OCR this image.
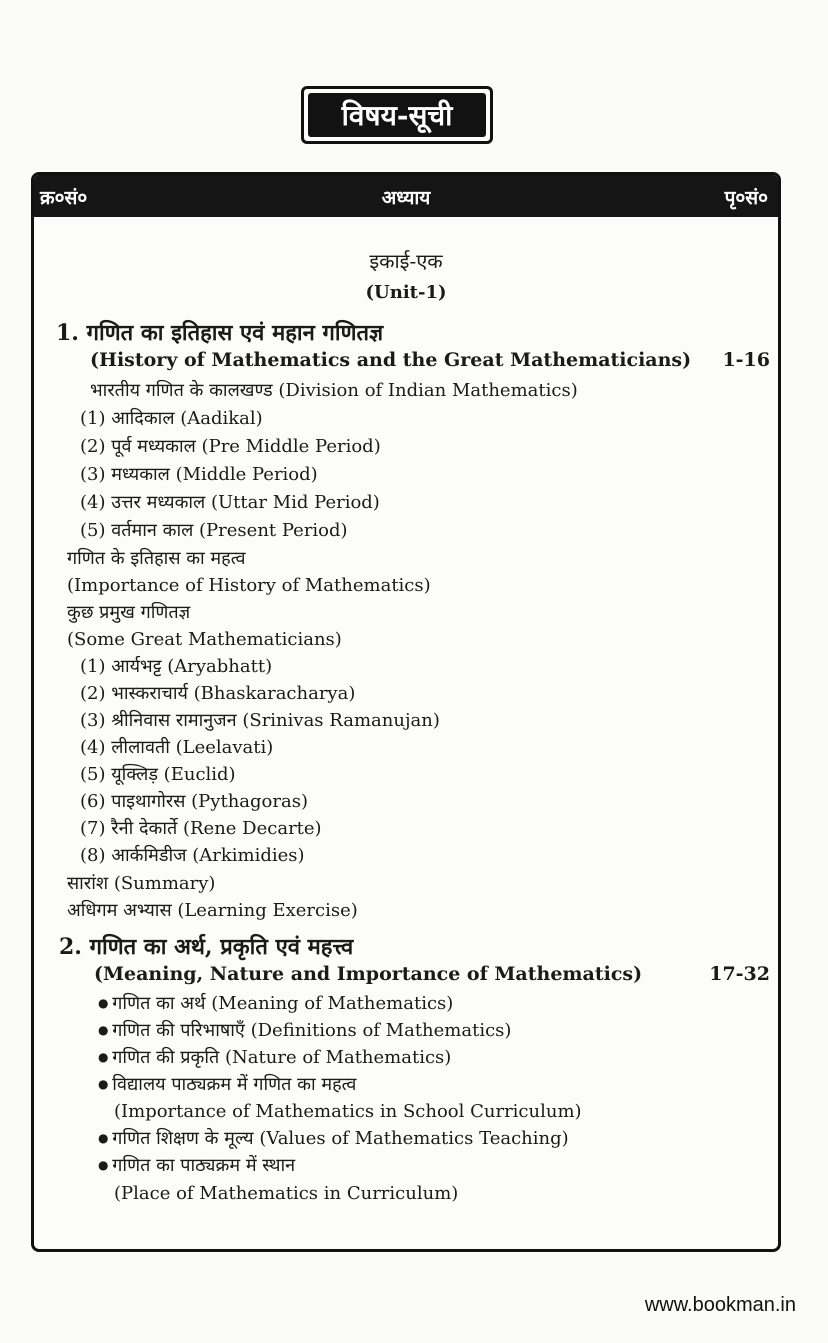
विषय-सूची
क्र०सं०	अध्याय	पृ०सं०
इकाई-एक
(Unit-1)
1. गणित का इतिहास एवं महान गणितज्ञ
(History of Mathematics and the Great Mathematicians) 1-16
भारतीय गणित के कालखण्ड (Division of Indian Mathematics)
(1) आदिकाल (Aadikal)
(2) पूर्व मध्यकाल (Pre Middle Period)
(3) मध्यकाल (Middle Period)
(4) उत्तर मध्यकाल (Uttar Mid Period)
(5) वर्तमान काल (Present Period)
गणित के इतिहास का महत्व
(Importance of History of Mathematics)
कुछ प्रमुख गणितज्ञ
(Some Great Mathematicians)
(1) आर्यभट्ट (Aryabhatt)
(2) भास्कराचार्य (Bhaskaracharya)
(3) श्रीनिवास रामानुजन (Srinivas Ramanujan)
(4) लीलावती (Leelavati)
(5) यूक्लिड़ (Euclid)
(6) पाइथागोरस (Pythagoras)
(7) रैनी देकार्ते (Rene Decarte)
(8) आर्कमिडीज (Arkimidies)
सारांश (Summary)
अधिगम अभ्यास (Learning Exercise)
2. गणित का अर्थ, प्रकृति एवं महत्त्व
(Meaning, Nature and Importance of Mathematics)	17-32
● गणित का अर्थ (Meaning of Mathematics)
● गणित की परिभाषाएँ (Definitions of Mathematics)
● गणित की प्रकृति (Nature of Mathematics)
● विद्यालय पाठ्यक्रम में गणित का महत्व
(Importance of Mathematics in School Curriculum)
● गणित शिक्षण के मूल्य (Values of Mathematics Teaching)
● गणित का पाठ्यक्रम में स्थान
(Place of Mathematics in Curriculum)
www.bookman.in
